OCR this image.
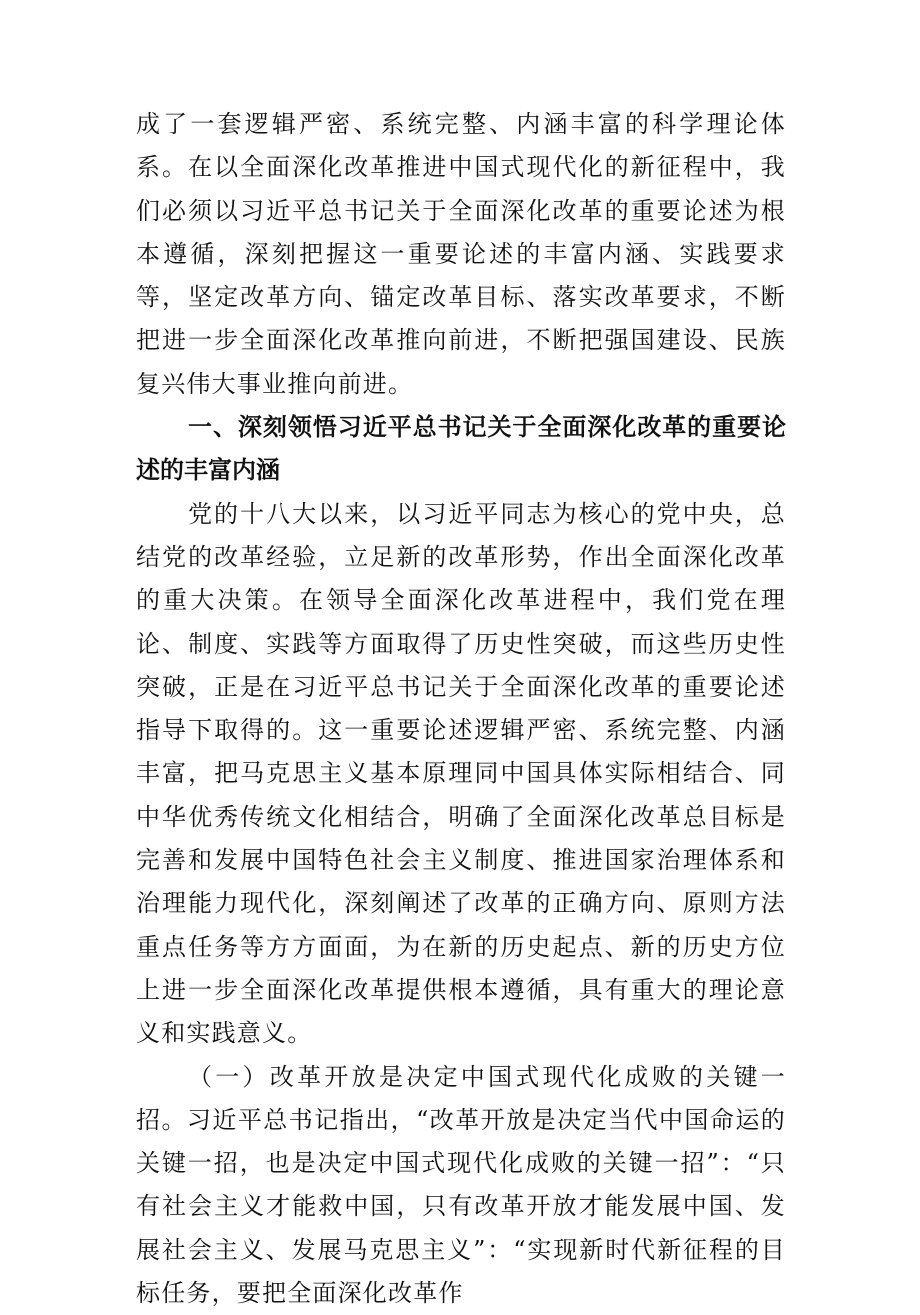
成了一套逻辑严密、系统完整、内涵丰富的科学理论体系。在以全面深化改革推进中国式现代化的新征程中，我们必须以习近平总书记关于全面深化改革的重要论述为根本遵循，深刻把握这一重要论述的丰富内涵、实践要求等，坚定改革方向、锚定改革目标、落实改革要求，不断把进一步全面深化改革推向前进，不断把强国建设、民族复兴伟大事业推向前进。

一、深刻领悟习近平总书记关于全面深化改革的重要论述的丰富内涵

党的十八大以来，以习近平同志为核心的党中央，总结党的改革经验，立足新的改革形势，作出全面深化改革的重大决策。在领导全面深化改革进程中，我们党在理论、制度、实践等方面取得了历史性突破，而这些历史性突破，正是在习近平总书记关于全面深化改革的重要论述指导下取得的。这一重要论述逻辑严密、系统完整、内涵丰富，把马克思主义基本原理同中国具体实际相结合、同中华优秀传统文化相结合，明确了全面深化改革总目标是完善和发展中国特色社会主义制度、推进国家治理体系和治理能力现代化，深刻阐述了改革的正确方向、原则方法重点任务等方方面面，为在新的历史起点、新的历史方位上进一步全面深化改革提供根本遵循，具有重大的理论意义和实践意义。

（一）改革开放是决定中国式现代化成败的关键一招。习近平总书记指出，“改革开放是决定当代中国命运的关键一招，也是决定中国式现代化成败的关键一招”：“只有社会主义才能救中国，只有改革开放才能发展中国、发展社会主义、发展马克思主义”：“实现新时代新征程的目标任务，要把全面深化改革作
